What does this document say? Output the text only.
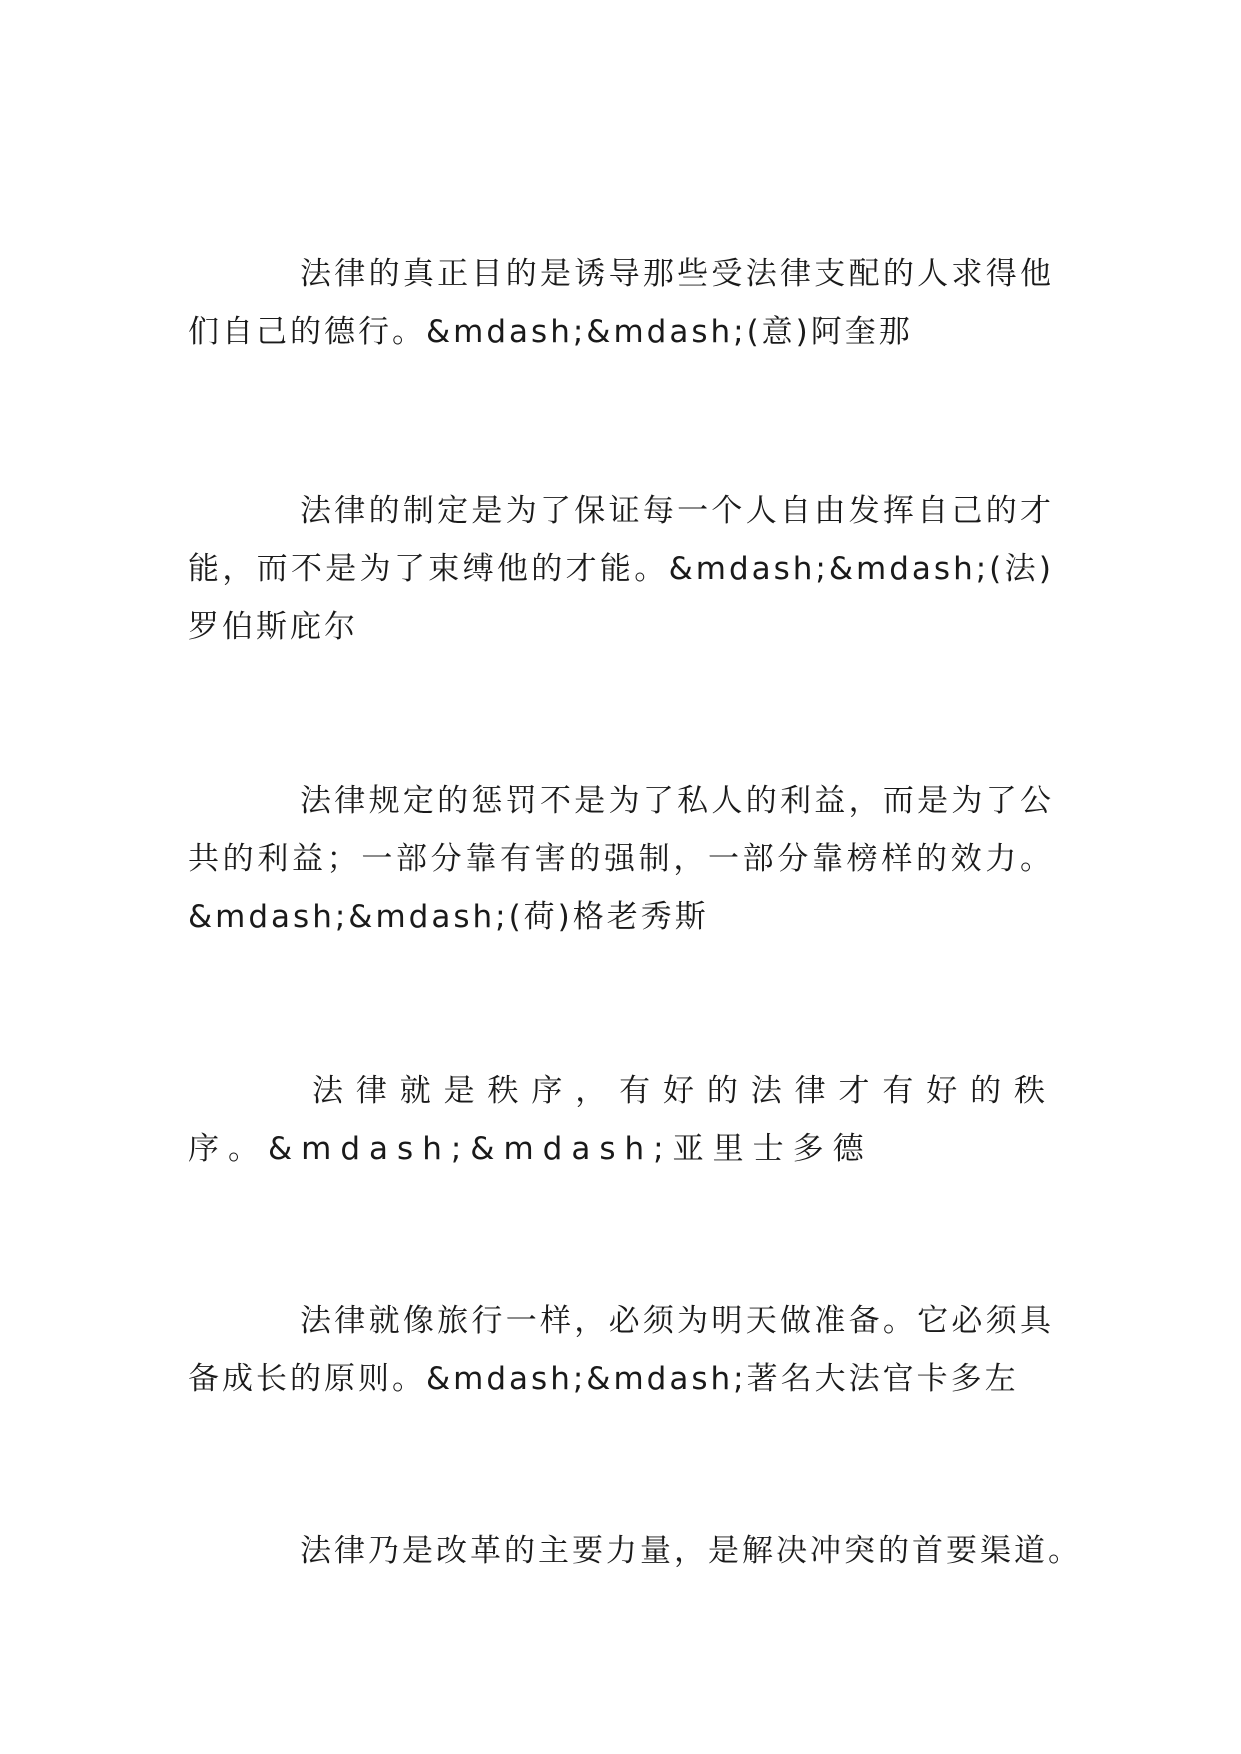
法律的真正目的是诱导那些受法律支配的人求得他们自己的德行。&mdash;&mdash;(意)阿奎那

法律的制定是为了保证每一个人自由发挥自己的才能，而不是为了束缚他的才能。&mdash;&mdash;(法)罗伯斯庇尔

法律规定的惩罚不是为了私人的利益，而是为了公共的利益；一部分靠有害的强制，一部分靠榜样的效力。&mdash;&mdash;(荷)格老秀斯

法律就是秩序，有好的法律才有好的秩序。&mdash;&mdash;亚里士多德

法律就像旅行一样，必须为明天做准备。它必须具备成长的原则。&mdash;&mdash;著名大法官卡多左

法律乃是改革的主要力量，是解决冲突的首要渠道。
